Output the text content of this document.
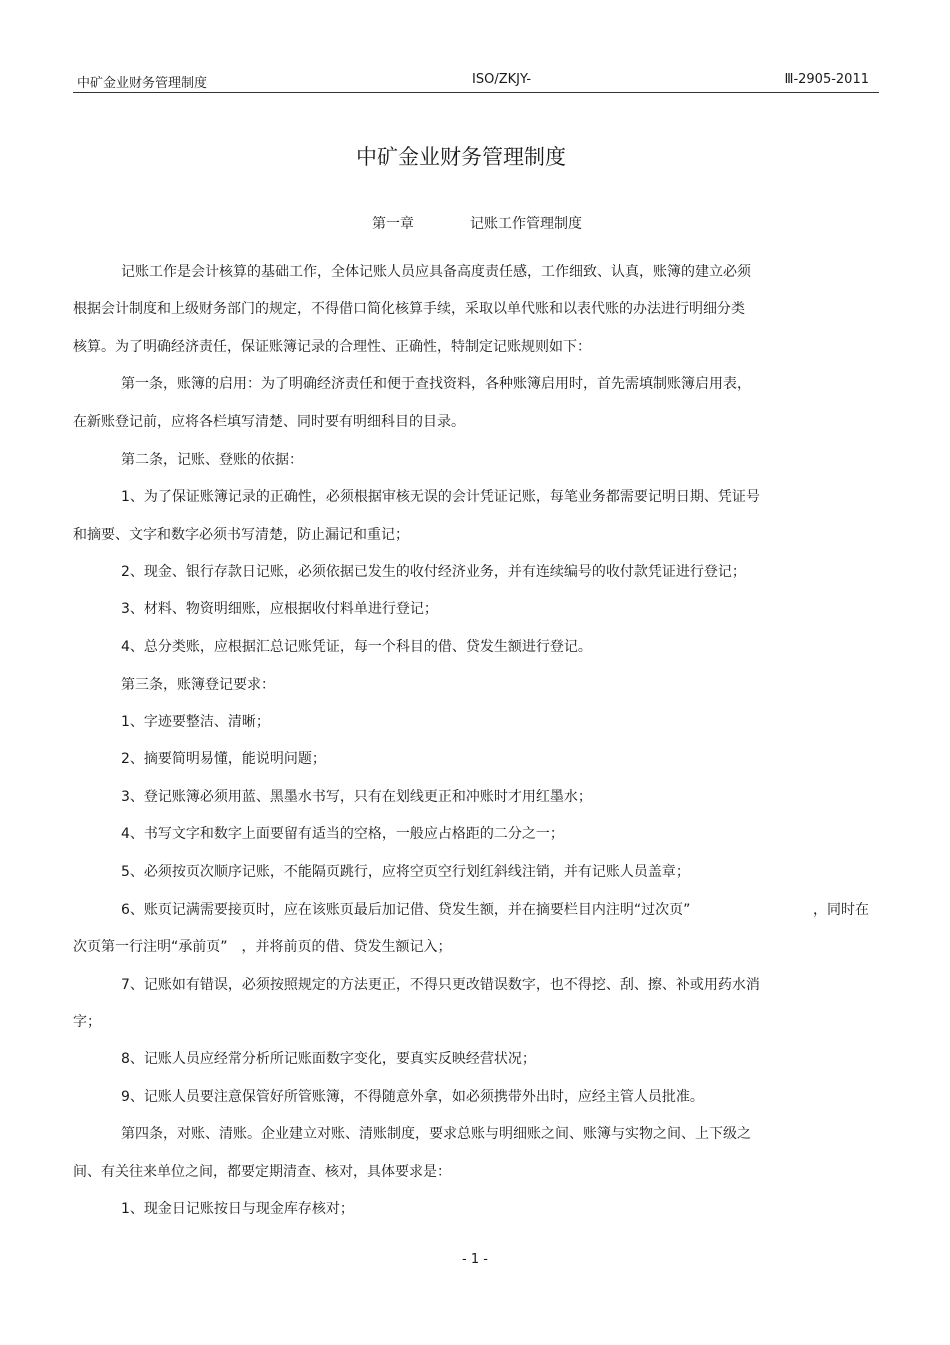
中矿金业财务管理制度	ISO/ZKJY-	Ⅲ-2905-2011
中矿金业财务管理制度
第一章	记账工作管理制度
记账工作是会计核算的基础工作，全体记账人员应具备高度责任感，工作细致、认真，账簿的建立必须
根据会计制度和上级财务部门的规定，不得借口简化核算手续，采取以单代账和以表代账的办法进行明细分类
核算。为了明确经济责任，保证账簿记录的合理性、正确性，特制定记账规则如下：
第一条，账簿的启用：为了明确经济责任和便于查找资料，各种账簿启用时，首先需填制账簿启用表，
在新账登记前，应将各栏填写清楚、同时要有明细科目的目录。
第二条，记账、登账的依据：
1、为了保证账簿记录的正确性，必须根据审核无误的会计凭证记账，每笔业务都需要记明日期、凭证号
和摘要、文字和数字必须书写清楚，防止漏记和重记；
2、现金、银行存款日记账，必须依据已发生的收付经济业务，并有连续编号的收付款凭证进行登记；
3、材料、物资明细账，应根据收付料单进行登记；
4、总分类账，应根据汇总记账凭证，每一个科目的借、贷发生额进行登记。
第三条，账簿登记要求：
1、字迹要整洁、清晰；
2、摘要简明易懂，能说明问题；
3、登记账簿必须用蓝、黑墨水书写，只有在划线更正和冲账时才用红墨水；
4、书写文字和数字上面要留有适当的空格，一般应占格距的二分之一；
5、必须按页次顺序记账，不能隔页跳行，应将空页空行划红斜线注销，并有记账人员盖章；
6、账页记满需要接页时，应在该账页最后加记借、贷发生额，并在摘要栏目内注明“过次页”	，同时在
次页第一行注明“承前页”　，并将前页的借、贷发生额记入；
7、记账如有错误，必须按照规定的方法更正，不得只更改错误数字，也不得挖、刮、擦、补或用药水消
字；
8、记账人员应经常分析所记账面数字变化，要真实反映经营状况；
9、记账人员要注意保管好所管账簿，不得随意外拿，如必须携带外出时，应经主管人员批准。
第四条，对账、清账。企业建立对账、清账制度，要求总账与明细账之间、账簿与实物之间、上下级之
间、有关往来单位之间，都要定期清查、核对，具体要求是：
1、现金日记账按日与现金库存核对；
- 1 -
